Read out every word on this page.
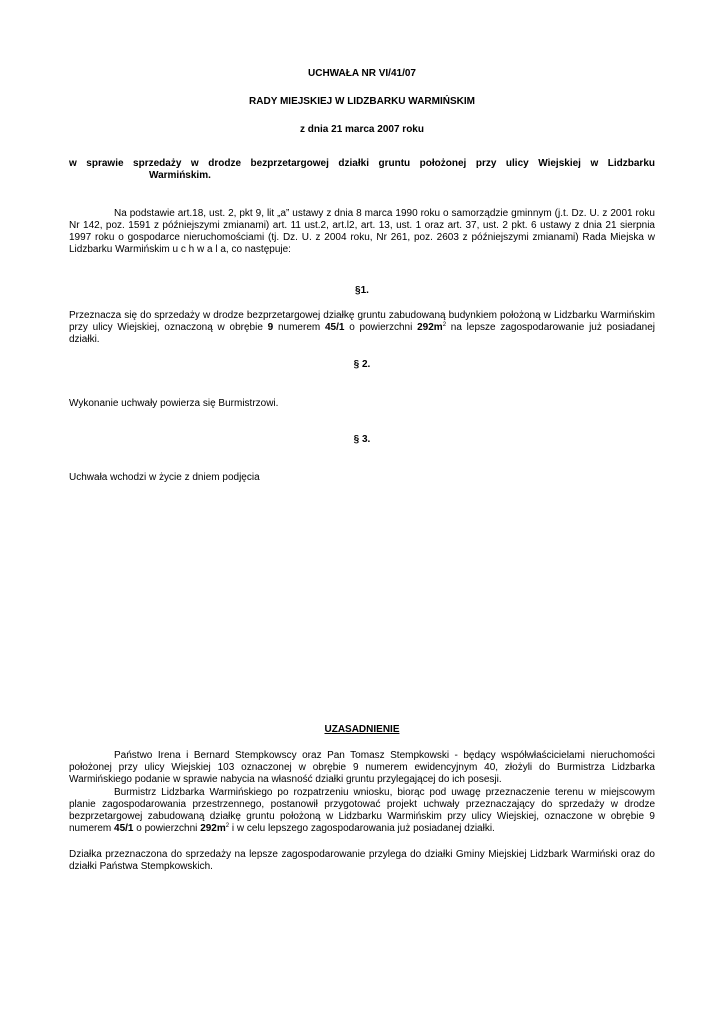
UCHWAŁA NR VI/41/07

RADY MIEJSKIEJ W LIDZBARKU WARMIŃSKIM

z dnia 21 marca 2007 roku

w sprawie sprzedaży w drodze bezprzetargowej działki gruntu położonej przy ulicy Wiejskiej w Lidzbarku
Warmińskim.

Na podstawie art.18, ust. 2, pkt 9, lit „a” ustawy z dnia 8 marca 1990 roku o samorządzie gminnym (j.t. Dz. U. z 2001 roku Nr 142, poz. 1591 z późniejszymi zmianami) art. 11 ust.2, art.l2, art. 13, ust. 1 oraz art. 37, ust. 2 pkt. 6 ustawy z dnia 21 sierpnia 1997 roku o gospodarce nieruchomościami (tj. Dz. U. z 2004 roku, Nr 261, poz. 2603 z późniejszymi zmianami) Rada Miejska w Lidzbarku Warmińskim u c h w a l a, co następuje:

§1.

Przeznacza się do sprzedaży w drodze bezprzetargowej działkę gruntu zabudowaną budynkiem położoną w Lidzbarku Warmińskim przy ulicy Wiejskiej, oznaczoną w obrębie 9 numerem 45/1 o powierzchni $292m^2$ na lepsze zagospodarowanie już posiadanej działki.

§ 2.

Wykonanie uchwały powierza się Burmistrzowi.

§ 3.

Uchwała wchodzi w życie z dniem podjęcia

UZASADNIENIE

Państwo Irena i Bernard Stempkowscy oraz Pan Tomasz Stempkowski - będący współwłaścicielami nieruchomości położonej przy ulicy Wiejskiej 103 oznaczonej w obrębie 9 numerem ewidencyjnym 40, złożyli do Burmistrza Lidzbarka Warmińskiego podanie w sprawie nabycia na własność działki gruntu przylegającej do ich posesji.

Burmistrz Lidzbarka Warmińskiego po rozpatrzeniu wniosku, biorąc pod uwagę przeznaczenie terenu w miejscowym planie zagospodarowania przestrzennego, postanowił przygotować projekt uchwały przeznaczający do sprzedaży w drodze bezprzetargowej zabudowaną działkę gruntu położoną w Lidzbarku Warmińskim przy ulicy Wiejskiej, oznaczone w obrębie 9 numerem 45/1 o powierzchni $292m^2$ i w celu lepszego zagospodarowania już posiadanej działki.

Działka przeznaczona do sprzedaży na lepsze zagospodarowanie przylega do działki Gminy Miejskiej Lidzbark Warmiński oraz do działki Państwa Stempkowskich.
